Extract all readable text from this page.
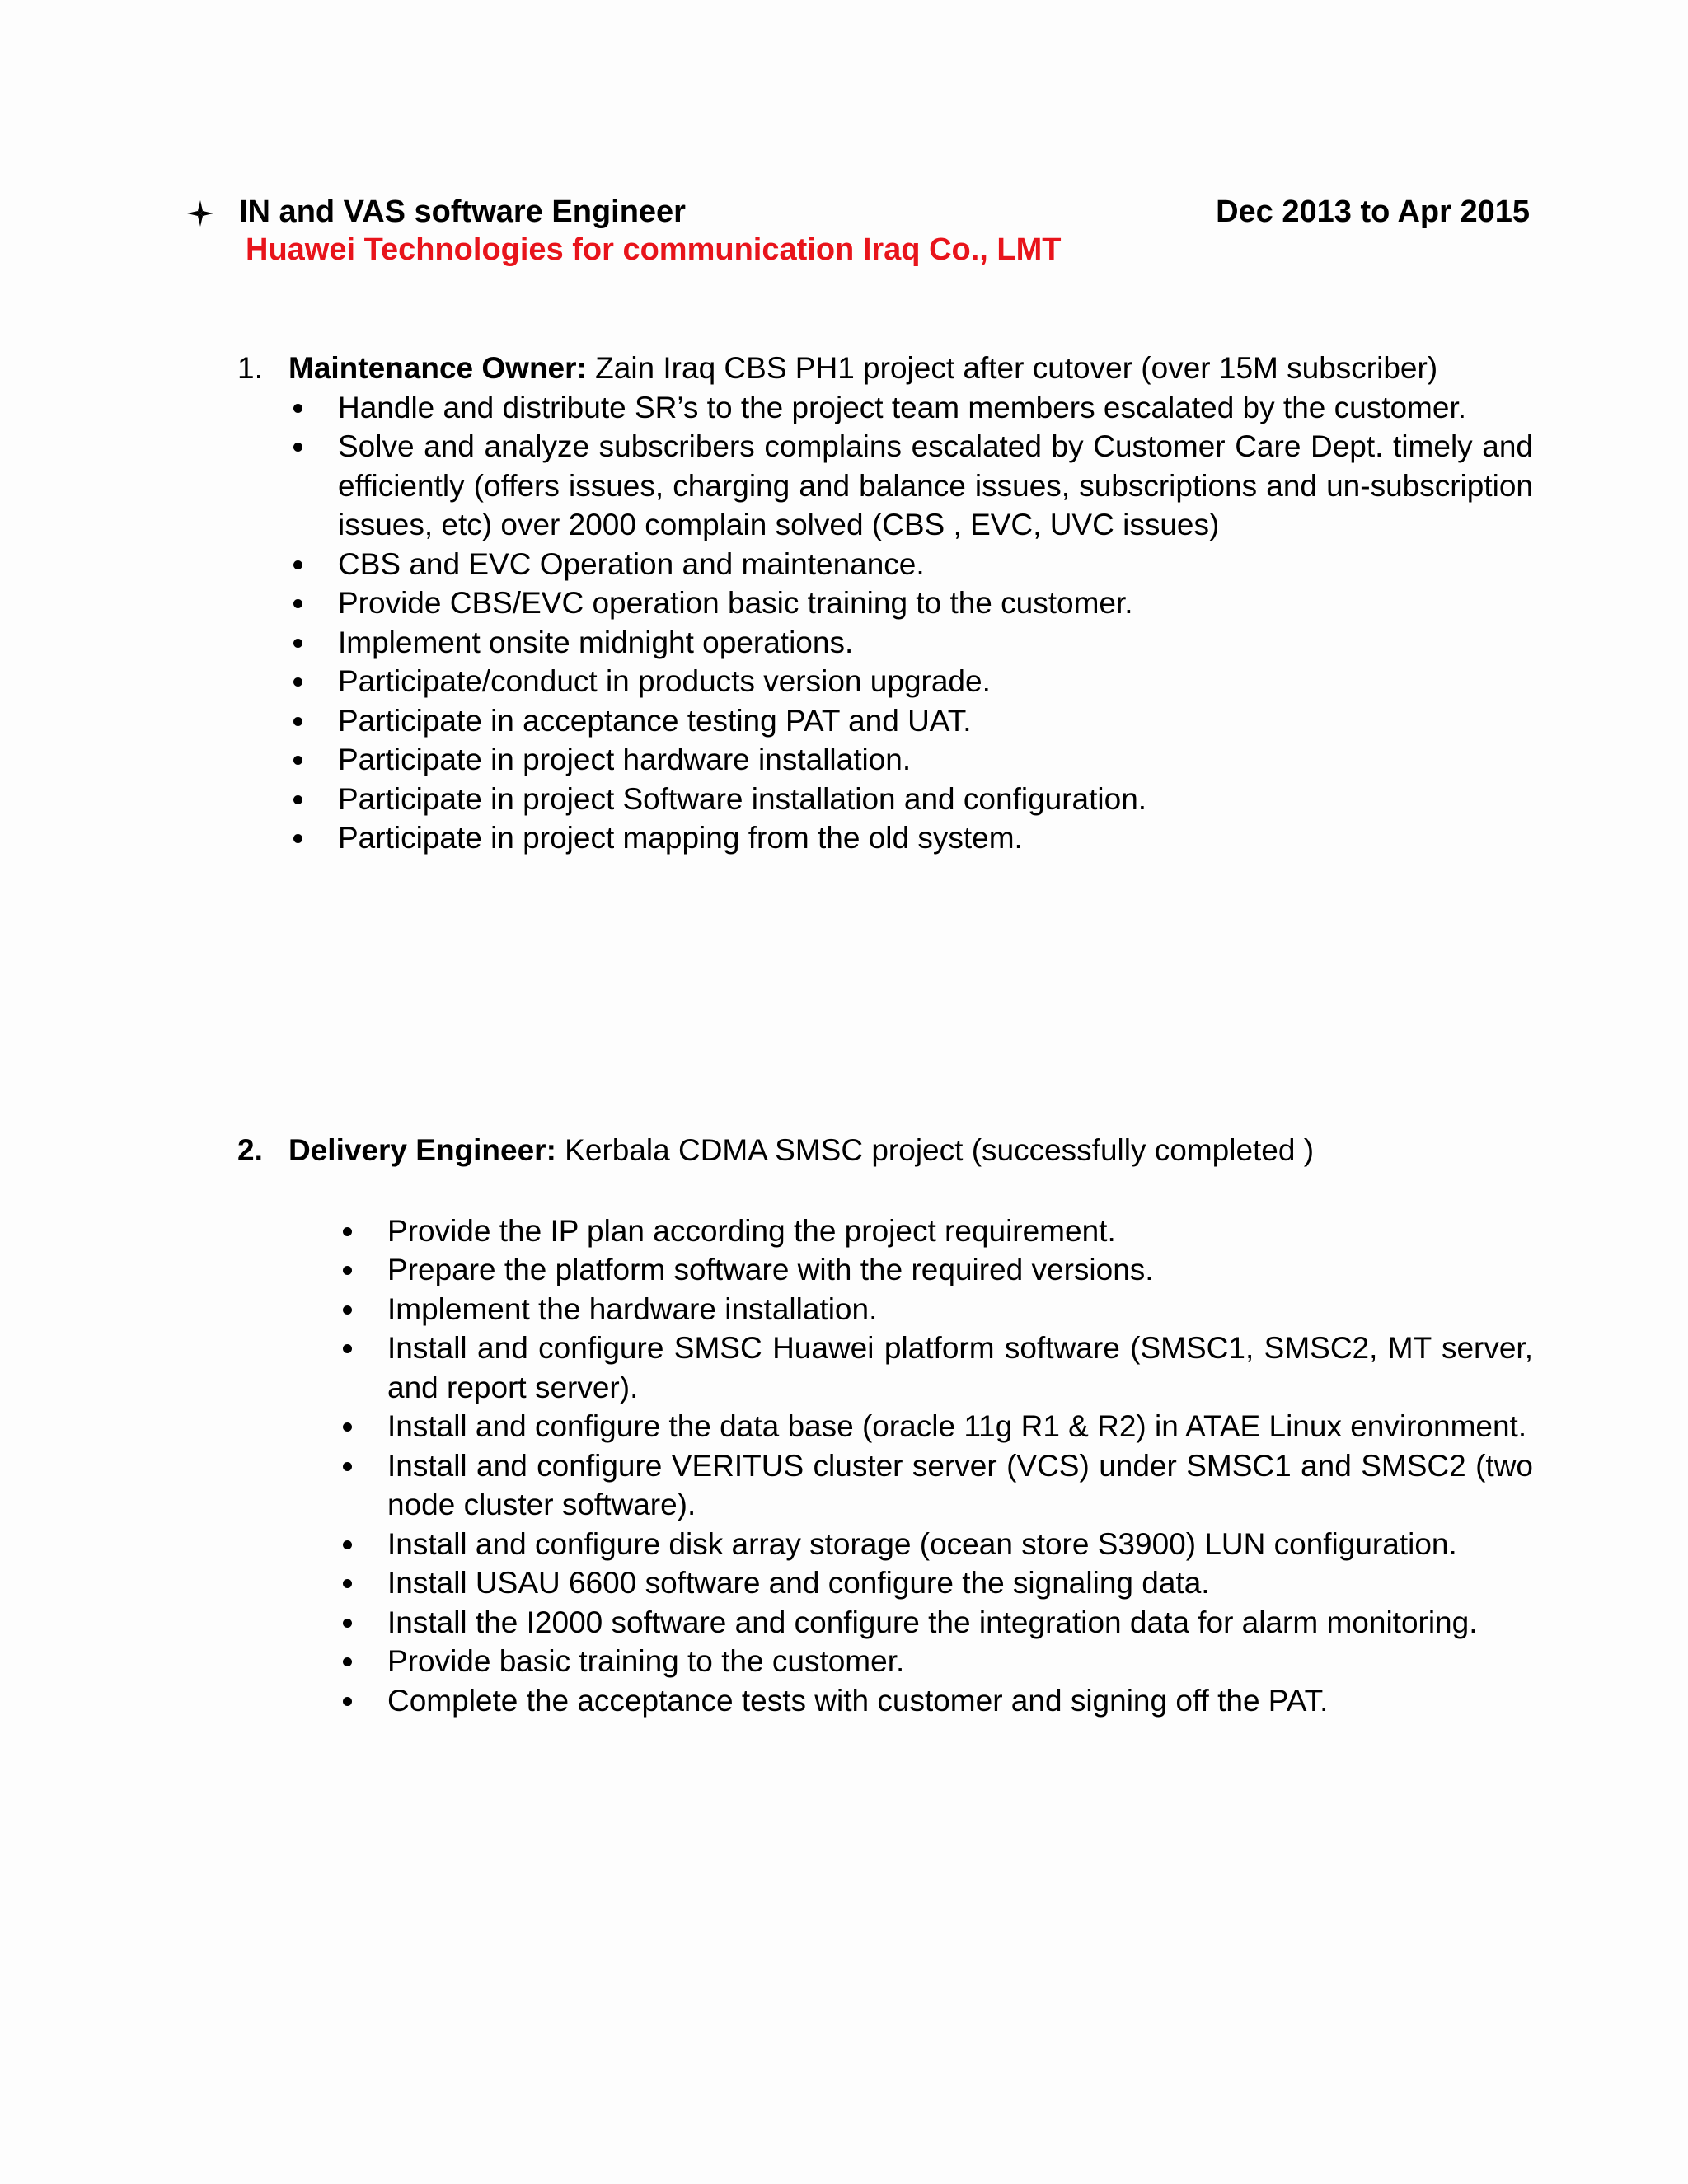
IN and VAS software Engineer	Dec 2013 to Apr 2015
Huawei Technologies for communication Iraq Co., LMT
1. Maintenance Owner: Zain Iraq CBS PH1 project after cutover (over 15M subscriber)
Handle and distribute SR’s to the project team members escalated by the customer.
Solve and analyze subscribers complains escalated by Customer Care Dept. timely and efficiently (offers issues, charging and balance issues, subscriptions and un-subscription issues, etc) over 2000 complain solved (CBS , EVC, UVC issues)
CBS and EVC Operation and maintenance.
Provide CBS/EVC operation basic training to the customer.
Implement onsite midnight operations.
Participate/conduct in products version upgrade.
Participate in acceptance testing PAT and UAT.
Participate in project hardware installation.
Participate in project Software installation and configuration.
Participate in project mapping from the old system.
2. Delivery Engineer: Kerbala CDMA SMSC project (successfully completed )
Provide the IP plan according the project requirement.
Prepare the platform software with the required versions.
Implement the hardware installation.
Install and configure SMSC Huawei platform software (SMSC1, SMSC2, MT server, and report server).
Install and configure the data base (oracle 11g R1 & R2) in ATAE Linux environment.
Install and configure VERITUS cluster server (VCS) under SMSC1 and SMSC2 (two node cluster software).
Install and configure disk array storage (ocean store S3900) LUN configuration.
Install USAU 6600 software and configure the signaling data.
Install the I2000 software and configure the integration data for alarm monitoring.
Provide basic training to the customer.
Complete the acceptance tests with customer and signing off the PAT.
